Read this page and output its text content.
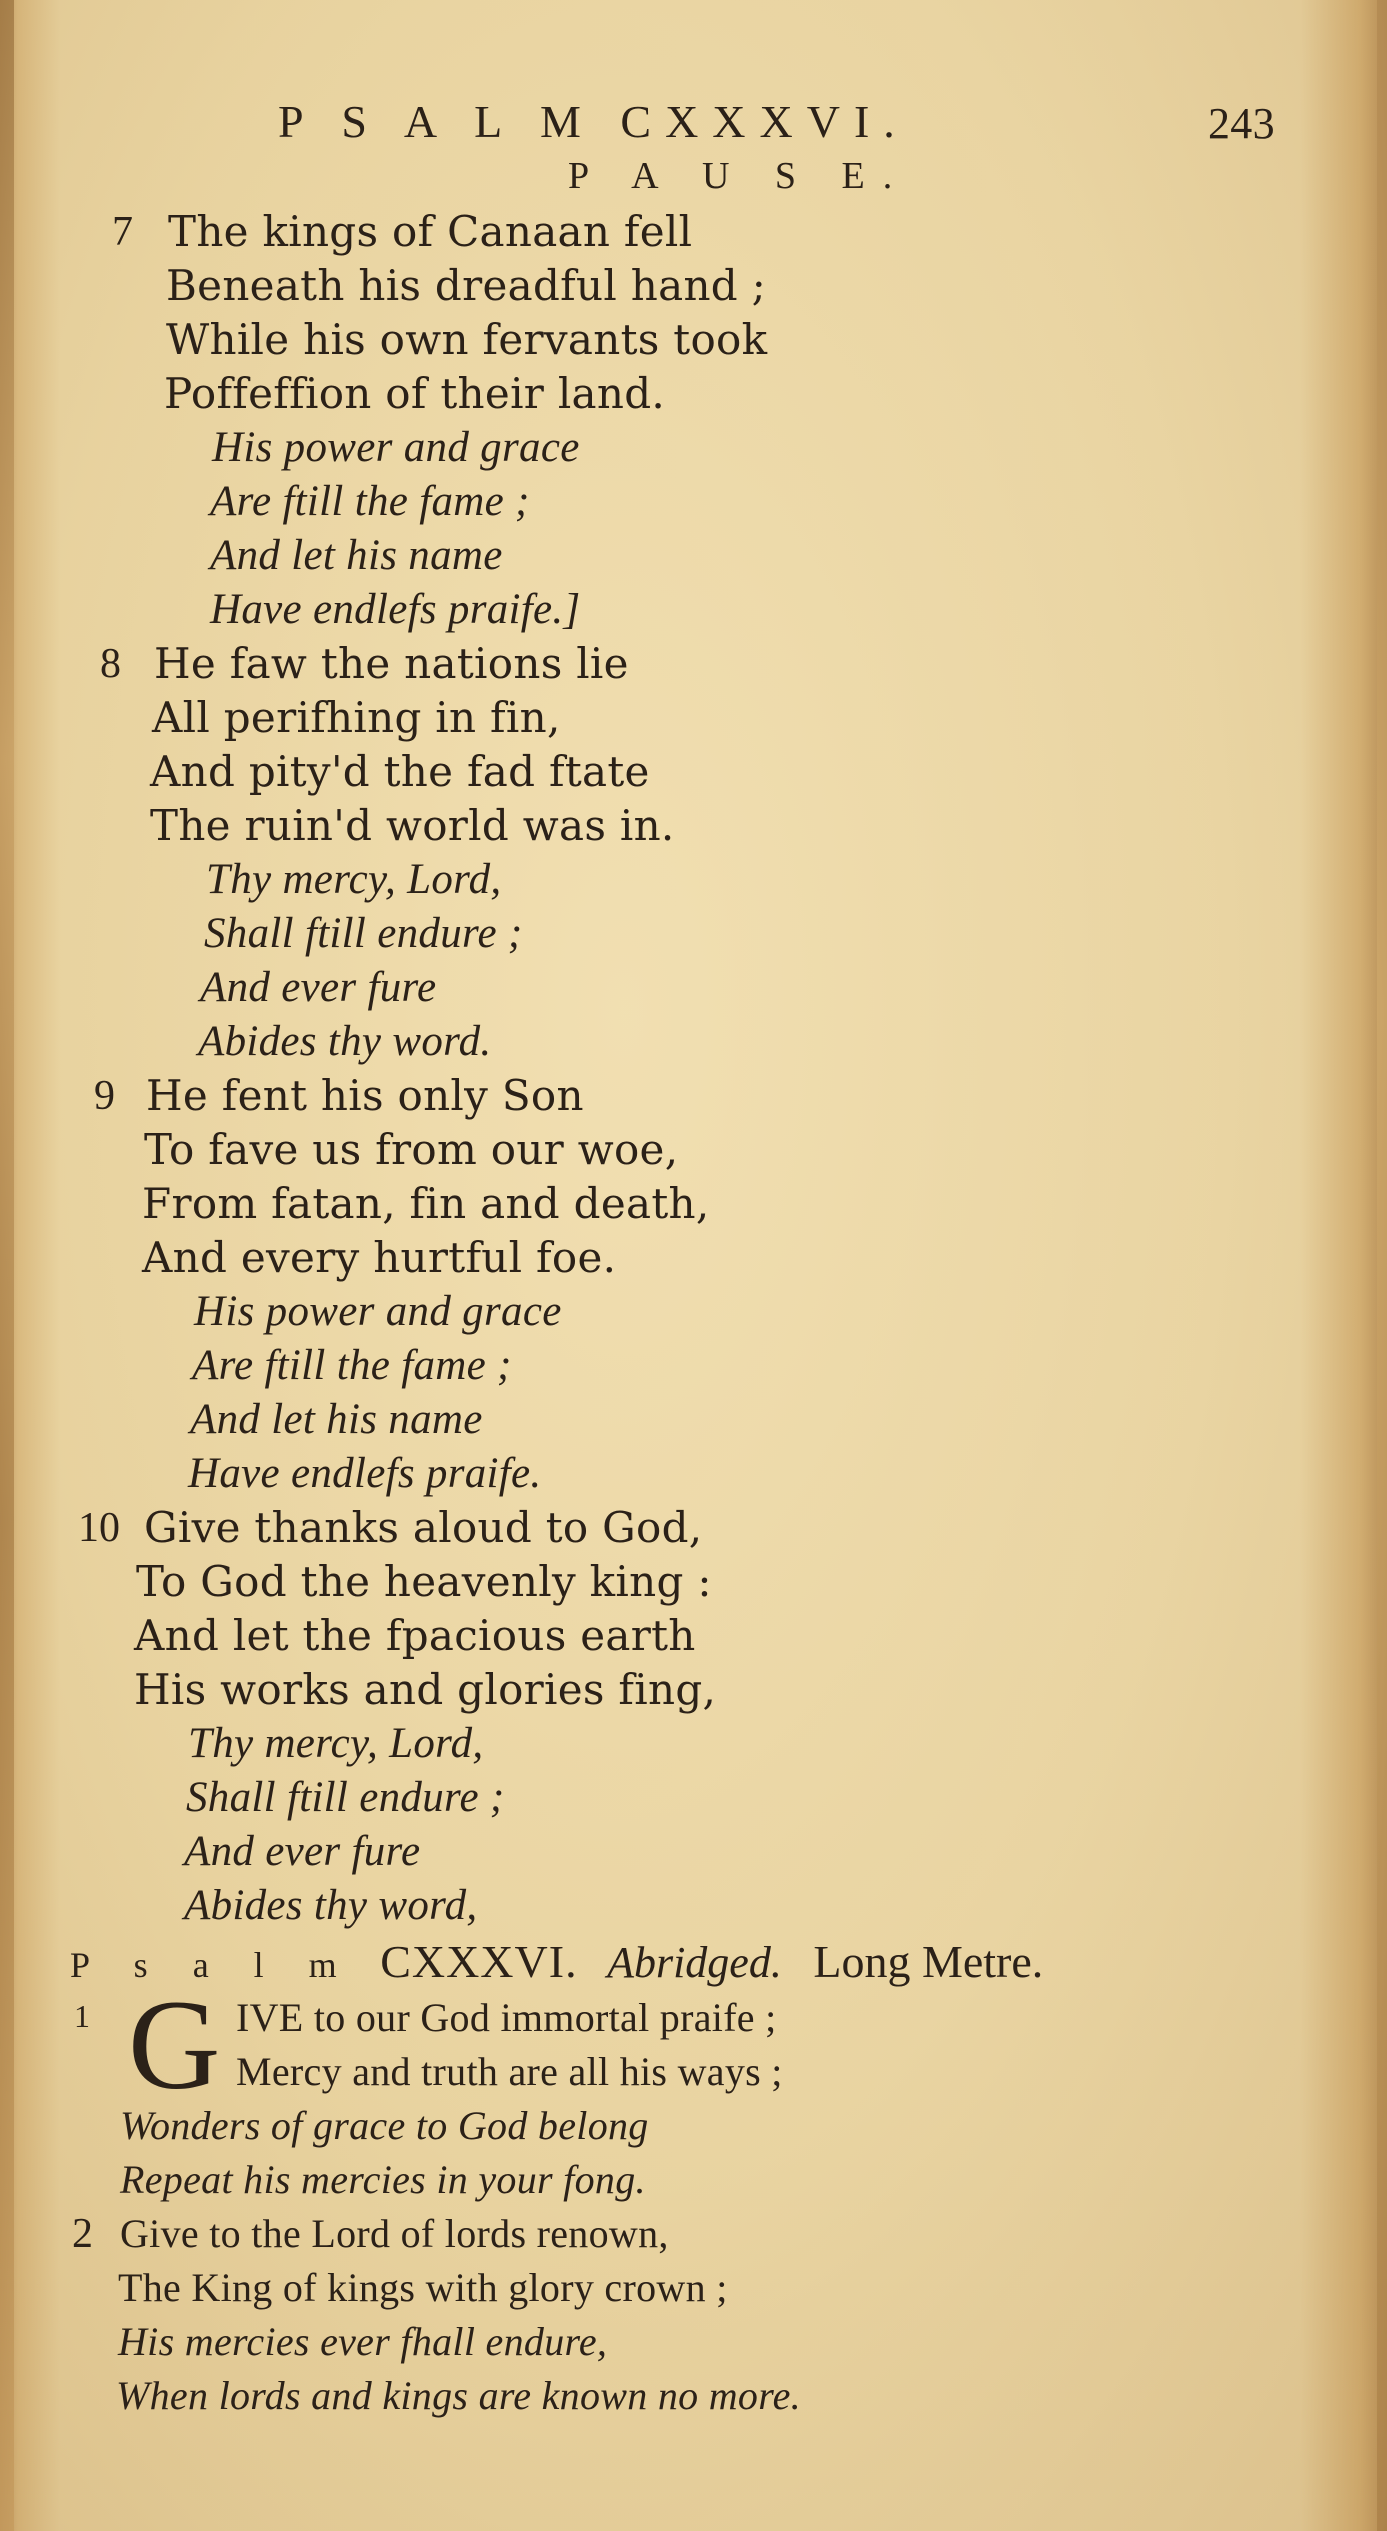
P S A L M CXXXVI.	243
P A U S E.
7 The kings of Canaan fell
Beneath his dreadful hand ;
While his own fervants took
Poffeffion of their land.
His power and grace
Are ftill the fame ;
And let his name
Have endlefs praife.]
8 He faw the nations lie
All perifhing in fin,
And pity'd the fad ftate
The ruin'd world was in.
Thy mercy, Lord,
Shall ftill endure ;
And ever fure
Abides thy word.
9 He fent his only Son
To fave us from our woe,
From fatan, fin and death,
And every hurtful foe.
His power and grace
Are ftill the fame ;
And let his name
Have endlefs praife.
10 Give thanks aloud to God,
To God the heavenly king :
And let the fpacious earth
His works and glories fing,
Thy mercy, Lord,
Shall ftill endure ;
And ever fure
Abides thy word,
P s a l m CXXXVI. Abridged. Long Metre.
1 G IVE to our God immortal praife ;
Mercy and truth are all his ways ;
Wonders of grace to God belong
Repeat his mercies in your fong.
2 Give to the Lord of lords renown,
The King of kings with glory crown ;
His mercies ever fhall endure,
When lords and kings are known no more.
